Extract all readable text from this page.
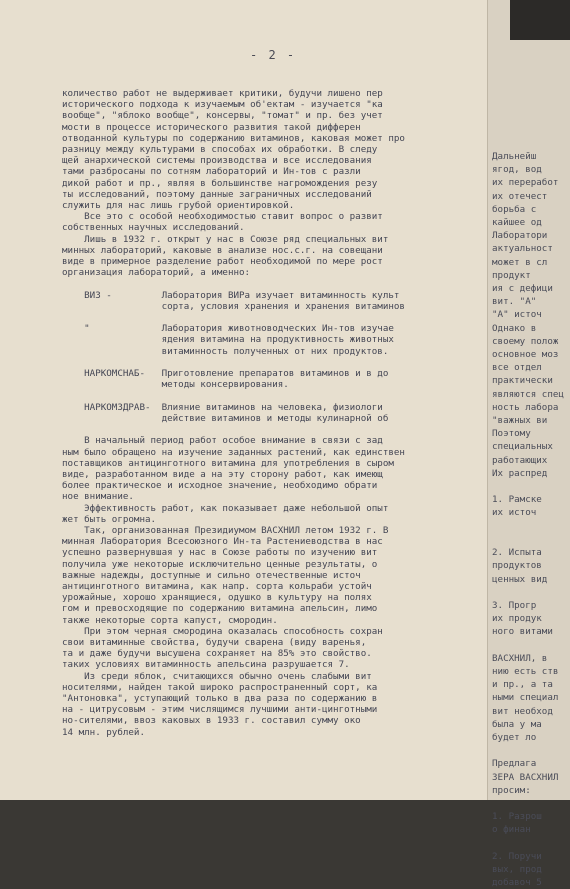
- 2 -
количество работ не выдерживает критики, будучи лишено пер
исторического подхода к изучаемым об'ектам - изучается "ка
вообще", "яблоко вообще", консервы, "томат" и пр. без учет
мости в процессе исторического развития такой дифферен
отводанной культуры по содержанию витаминов, каковая может про
разницу между культурами в способах их обработки. В следу
щей анархической системы производства и все исследования
тами разбросаны по сотням лабораторий и Ин-тов с разли
дикой работ и пр., являя в большинстве нагромождения резу
ты исследований, поэтому данные заграничных исследований
служить для нас лишь грубой ориентировкой.
Все это с особой необходимостью ставит вопрос о развит
собственных научных исследований.
Лишь в 1932 г. открыт у нас в Союзе ряд специальных вит
минных лабораторий, каковые в анализе нос.с.г. на совещани
виде в примерное разделение работ необходимой по мере рост
организация лабораторий, а именно:

ВИЗ -         Лаборатория ВИРа изучает витаминность культ
сорта, условия хранения и хранения витаминов

"             Лаборатория животноводческих Ин-тов изучае
ядения витамина на продуктивность животных
витаминность полученных от них продуктов.

НАРКОМСНАБ-   Приготовление препаратов витаминов и в до
методы консервирования.

НАРКОМЗДРАВ-  Влияние витаминов на человека, физиологи
действие витаминов и методы кулинарной об

В начальный период работ особое внимание в связи с зад
ным было обращено на изучение заданных растений, как единствен
поставщиков антицинготного витамина для употребления в сыром
виде, разработанном виде а на эту сторону работ, как имеющ
более практическое и исходное значение, необходимо обрати
ное внимание.
Эффективность работ, как показывает даже небольшой опыт
жет быть огромна.
Так, организованная Президиумом ВАСХНИЛ летом 1932 г. В
минная Лаборатория Всесоюзного Ин-та Растениеводства в нас
успешно развернувшая у нас в Союзе работы по изучению вит
получила уже некоторые исключительно ценные результаты, о
важные надежды, доступные и сильно отечественные источ
антицинготного витамина, как напр. сорта кольраби устойч
урожайные, хорошо хранящиеся, одушко в культуру на полях
гом и превосходящие по содержанию витамина апельсин, лимо
также некоторые сорта капуст, смородин.
При этом черная смородина оказалась способность сохран
свои витаминные свойства, будучи сварена (виду варенья,
та и даже будучи высушена сохраняет на 85% это свойство.
таких условиях витаминность апельсина разрушается 7.
Из среди яблок, считающихся обычно очень слабыми вит
носителями, найден такой широко распространенный сорт, ка
"Антоновка", уступающий только в два раза по содержанию в
на - цитрусовым - этим числящимся лучшими анти-цинготными
но-сителями, ввоз каковых в 1933 г. составил сумму око
14 млн. рублей.
Дальнейш
ягод, вод
их переработ
их отечест
борьба с
кайшее од
Лаборатори
актуальност
может в сл
продукт
ия с дефици
вит. "А"
"А" источ
Однако в
своему полож
основное моз
все отдел
практически
являются спец
ность лабора
"важных ви
Поэтому
специальных
работающих
Их распред

1. Рамске
их источ

2. Испыта
продуктов
ценных вид

3. Прогр
их продук
ного витами

ВАСХНИЛ, в
нию есть ств
и пр., а та
ными специал
вит необход
была у ма
будет ло

Предлага
ЗЕРА ВАСХНИЛ
просим:

1. Разрош
о финан

2. Поручи
вых, прод
добавоч 5
